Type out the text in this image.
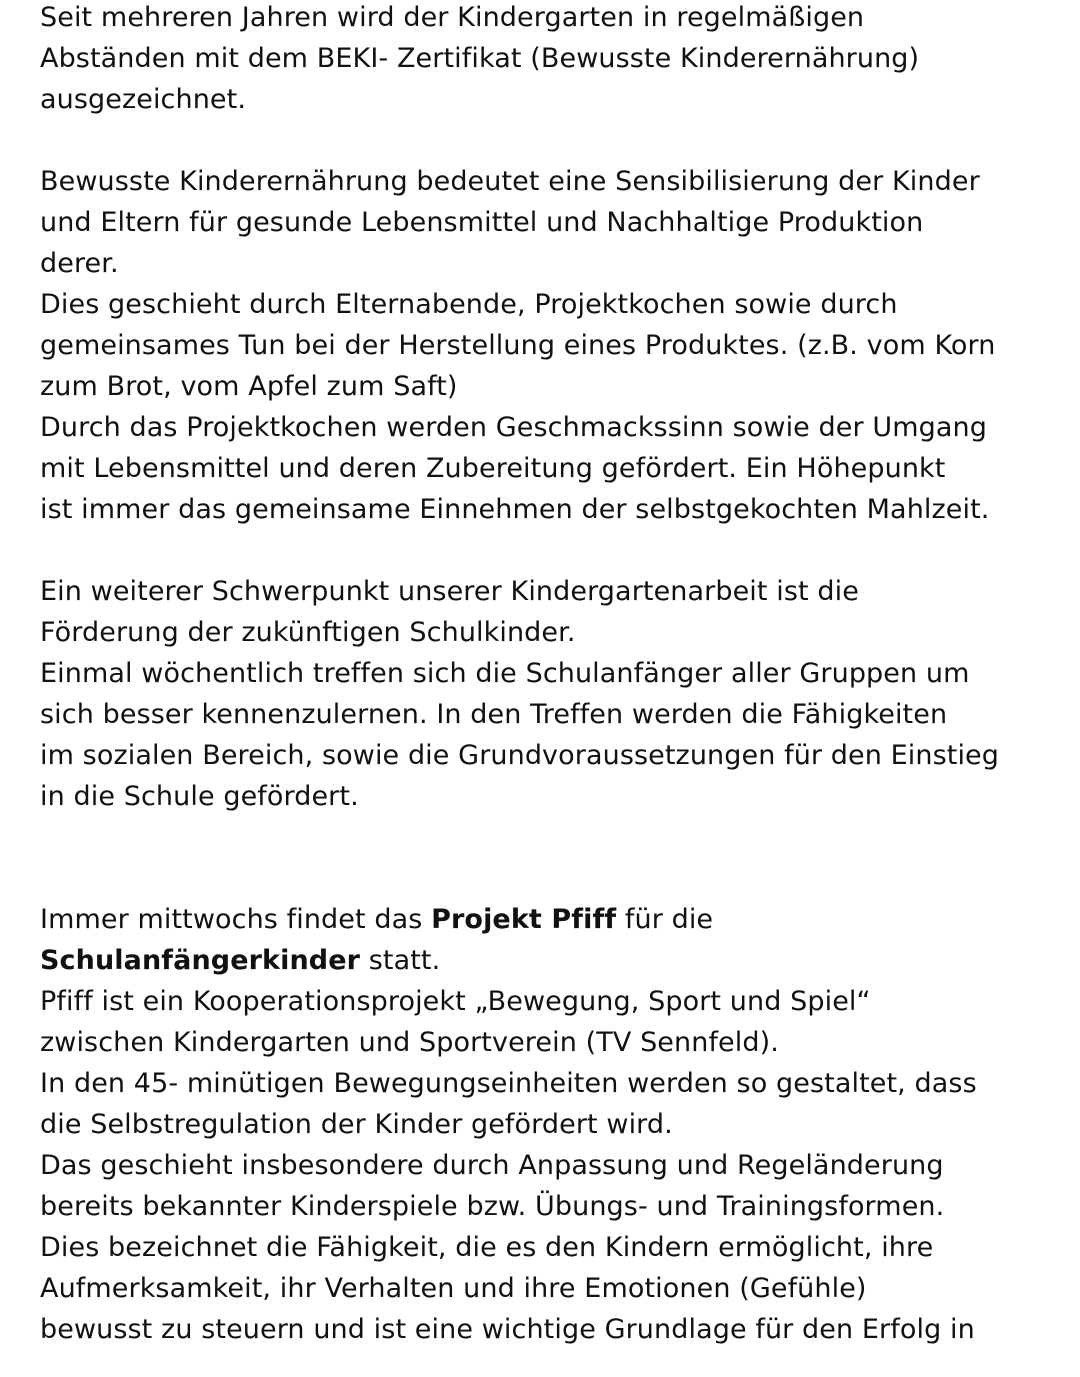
Seit mehreren Jahren wird der Kindergarten in regelmäßigen
Abständen mit dem BEKI- Zertifikat (Bewusste Kinderernährung)
ausgezeichnet.
Bewusste Kinderernährung bedeutet eine Sensibilisierung der Kinder
und Eltern für gesunde Lebensmittel und Nachhaltige Produktion
derer.
Dies geschieht durch Elternabende, Projektkochen sowie durch
gemeinsames Tun bei der Herstellung eines Produktes. (z.B. vom Korn
zum Brot, vom Apfel zum Saft)
Durch das Projektkochen werden Geschmackssinn sowie der Umgang
mit Lebensmittel und deren Zubereitung gefördert. Ein Höhepunkt
ist immer das gemeinsame Einnehmen der selbstgekochten Mahlzeit.
Ein weiterer Schwerpunkt unserer Kindergartenarbeit ist die
Förderung der zukünftigen Schulkinder.
Einmal wöchentlich treffen sich die Schulanfänger aller Gruppen um
sich besser kennenzulernen. In den Treffen werden die Fähigkeiten
im sozialen Bereich, sowie die Grundvoraussetzungen für den Einstieg
in die Schule gefördert.
Immer mittwochs findet das Projekt Pfiff für die
Schulanfängerkinder statt.
Pfiff ist ein Kooperationsprojekt „Bewegung, Sport und Spiel“
zwischen Kindergarten und Sportverein (TV Sennfeld).
In den 45- minütigen Bewegungseinheiten werden so gestaltet, dass
die Selbstregulation der Kinder gefördert wird.
Das geschieht insbesondere durch Anpassung und Regeländerung
bereits bekannter Kinderspiele bzw. Übungs- und Trainingsformen.
Dies bezeichnet die Fähigkeit, die es den Kindern ermöglicht, ihre
Aufmerksamkeit, ihr Verhalten und ihre Emotionen (Gefühle)
bewusst zu steuern und ist eine wichtige Grundlage für den Erfolg in
